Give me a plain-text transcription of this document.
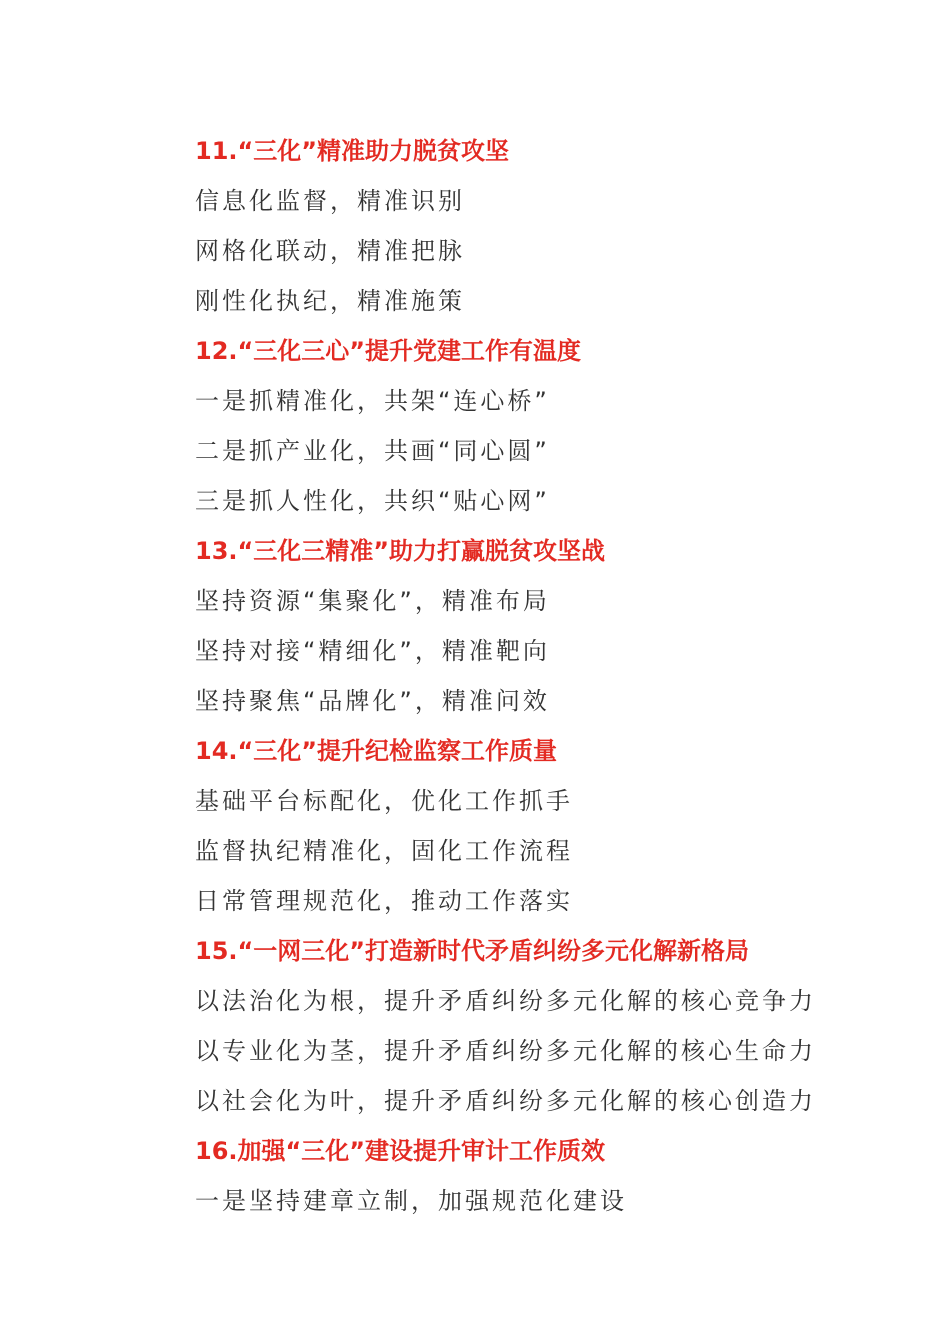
11.“三化”精准助力脱贫攻坚
信息化监督，精准识别
网格化联动，精准把脉
刚性化执纪，精准施策
12.“三化三心”提升党建工作有温度
一是抓精准化，共架“连心桥”
二是抓产业化，共画“同心圆”
三是抓人性化，共织“贴心网”
13.“三化三精准”助力打赢脱贫攻坚战
坚持资源“集聚化”，精准布局
坚持对接“精细化”，精准靶向
坚持聚焦“品牌化”，精准问效
14.“三化”提升纪检监察工作质量
基础平台标配化，优化工作抓手
监督执纪精准化，固化工作流程
日常管理规范化，推动工作落实
15.“一网三化”打造新时代矛盾纠纷多元化解新格局
以法治化为根，提升矛盾纠纷多元化解的核心竞争力
以专业化为茎，提升矛盾纠纷多元化解的核心生命力
以社会化为叶，提升矛盾纠纷多元化解的核心创造力
16.加强“三化”建设提升审计工作质效
一是坚持建章立制，加强规范化建设
